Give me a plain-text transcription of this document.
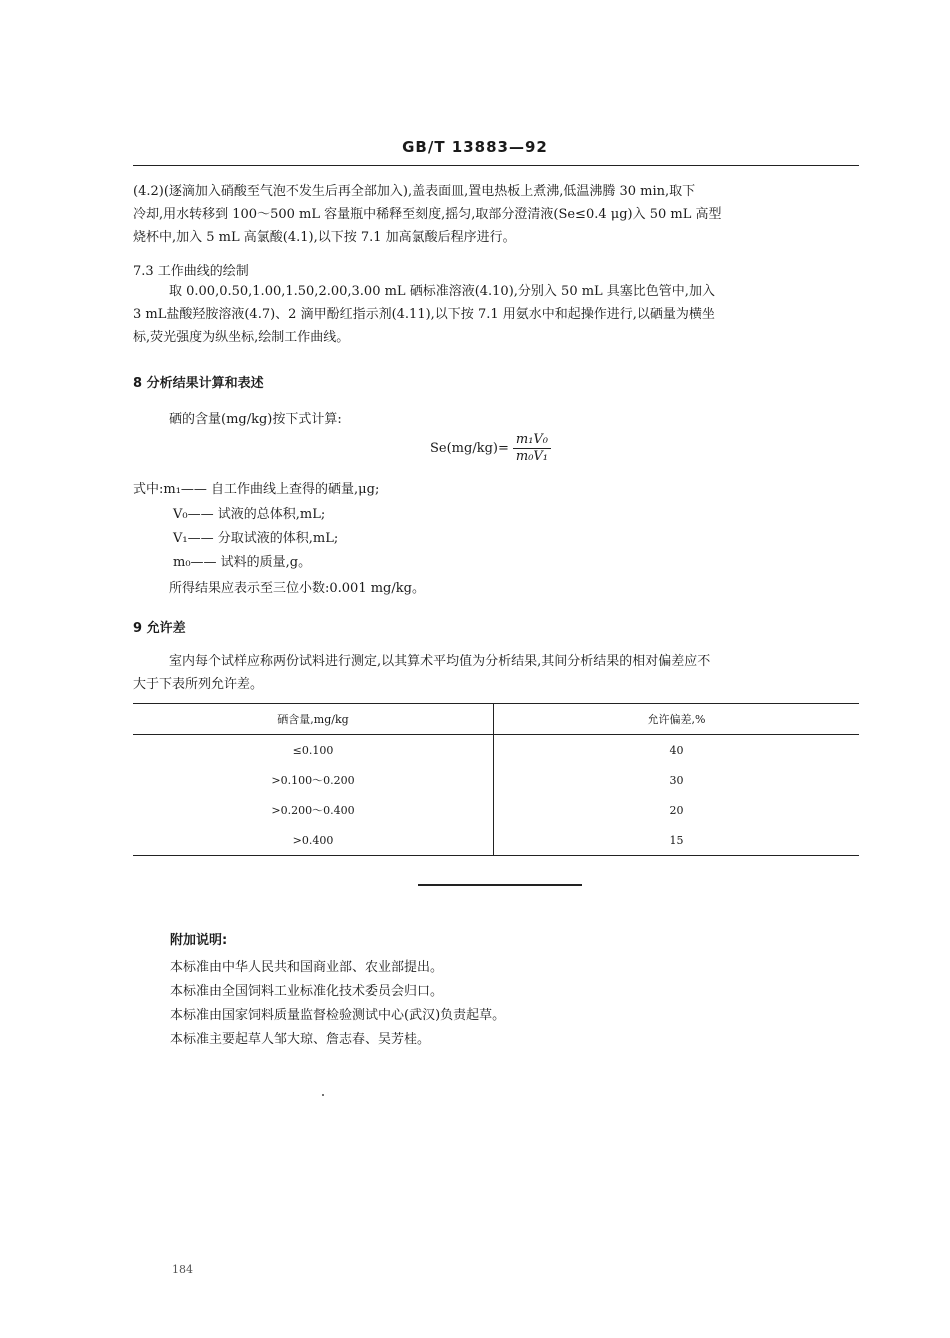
GB/T 13883—92
(4.2)(逐滴加入硝酸至气泡不发生后再全部加入),盖表面皿,置电热板上煮沸,低温沸腾 30 min,取下
冷却,用水转移到 100～500 mL 容量瓶中稀释至刻度,摇匀,取部分澄清液(Se≤0.4 μg)入 50 mL 高型
烧杯中,加入 5 mL 高氯酸(4.1),以下按 7.1 加高氯酸后程序进行。
7.3 工作曲线的绘制
取 0.00,0.50,1.00,1.50,2.00,3.00 mL 硒标准溶液(4.10),分别入 50 mL 具塞比色管中,加入
3 mL盐酸羟胺溶液(4.7)、2 滴甲酚红指示剂(4.11),以下按 7.1 用氨水中和起操作进行,以硒量为横坐
标,荧光强度为纵坐标,绘制工作曲线。
8 分析结果计算和表述
硒的含量(mg/kg)按下式计算:
$Se(mg/kg)= \frac{\text{m₁V₀}}{\text{m₀V₁}}$
式中:m₁—— 自工作曲线上查得的硒量,μg;
V₀—— 试液的总体积,mL;
V₁—— 分取试液的体积,mL;
m₀—— 试料的质量,g。
所得结果应表示至三位小数:0.001 mg/kg。
9 允许差
室内每个试样应称两份试料进行测定,以其算术平均值为分析结果,其间分析结果的相对偏差应不
大于下表所列允许差。
硒含量,mg/kg	允许偏差,%
≤0.100	40
>0.100～0.200	30
>0.200～0.400	20
>0.400	15
附加说明:
本标准由中华人民共和国商业部、农业部提出。
本标准由全国饲料工业标准化技术委员会归口。
本标准由国家饲料质量监督检验测试中心(武汉)负责起草。
本标准主要起草人邹大琼、詹志春、吴芳桂。
184
